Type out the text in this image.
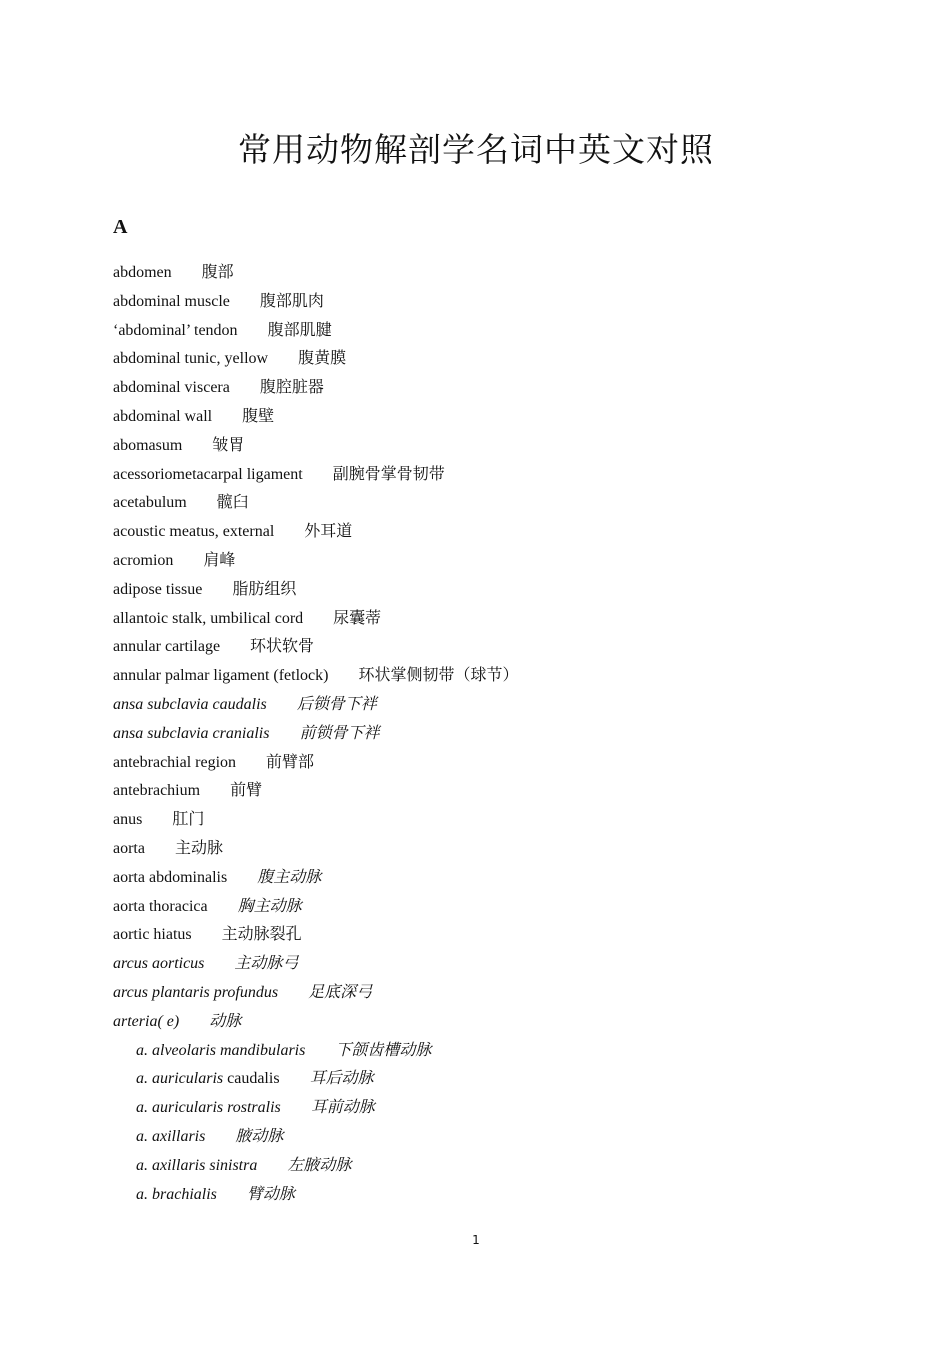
常用动物解剖学名词中英文对照
A
abdomen 腹部
abdominal muscle 腹部肌肉
‘abdominal’ tendon 腹部肌腱
abdominal tunic, yellow 腹黄膜
abdominal viscera 腹腔脏器
abdominal wall 腹壁
abomasum 皱胃
acessoriometacarpal ligament 副腕骨掌骨韧带
acetabulum 髋臼
acoustic meatus, external 外耳道
acromion 肩峰
adipose tissue 脂肪组织
allantoic stalk, umbilical cord 尿囊蒂
annular cartilage 环状软骨
annular palmar ligament (fetlock) 环状掌侧韧带（球节）
ansa subclavia caudalis 后锁骨下袢
ansa subclavia cranialis 前锁骨下袢
antebrachial region 前臂部
antebrachium 前臂
anus 肛门
aorta 主动脉
aorta abdominalis 腹主动脉
aorta thoracica 胸主动脉
aortic hiatus 主动脉裂孔
arcus aorticus 主动脉弓
arcus plantaris profundus 足底深弓
arteria( e) 动脉
a. alveolaris mandibularis 下颌齿槽动脉
a. auricularis caudalis 耳后动脉
a. auricularis rostralis 耳前动脉
a. axillaris 腋动脉
a. axillaris sinistra 左腋动脉
a. brachialis 臂动脉
1
